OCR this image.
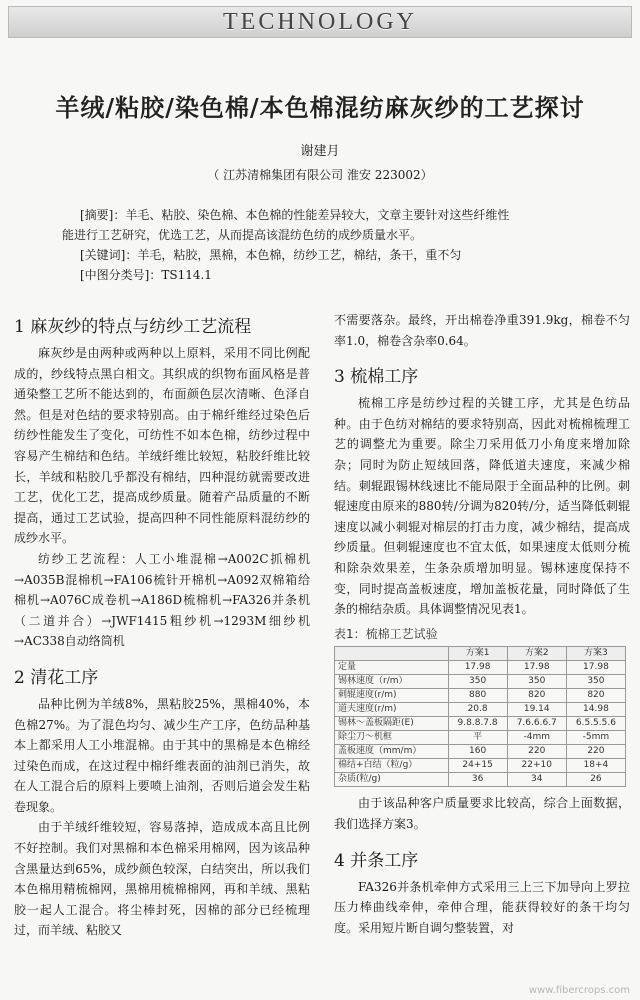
TECHNOLOGY
羊绒/粘胶/染色棉/本色棉混纺麻灰纱的工艺探讨
谢建月
（ 江苏清棉集团有限公司 淮安 223002）

[摘要]：羊毛、粘胶、染色棉、本色棉的性能差异较大，文章主要针对这些纤维性

能进行工艺研究，优选工艺，从而提高该混纺色纺的成纱质量水平。

[关键词]：羊毛，粘胶，黑棉，本色棉，纺纱工艺，棉结，条干，重不匀

[中图分类号]：TS114.1

1 麻灰纱的特点与纺纱工艺流程

麻灰纱是由两种或两种以上原料，采用不同比例配成的，纱线特点黑白相文。其织成的织物布面风格是普通染整工艺所不能达到的，布面颜色层次清晰、色泽自然。但是对色结的要求特别高。由于棉纤维经过染色后纺纱性能发生了变化，可纺性不如本色棉，纺纱过程中容易产生棉结和色结。羊绒纤维比较短，粘胶纤维比较长，羊绒和粘胶几乎都没有棉结，四种混纺就需要改进工艺，优化工艺，提高成纱质量。随着产品质量的不断提高，通过工艺试验，提高四种不同性能原料混纺纱的成纱水平。

纺纱工艺流程：人工小堆混棉→A002C抓棉机→A035B混棉机→FA106梳针开棉机→A092双棉箱给棉机→A076C成卷机→A186D梳棉机→FA326并条机（二道并合）→JWF1415粗纱机→1293M细纱机→AC338自动络筒机

2 清花工序

品种比例为羊绒8%，黑粘胶25%，黑棉40%，本色棉27%。为了混色均匀、减少生产工序，色纺品种基本上都采用人工小堆混棉。由于其中的黑棉是本色棉经过染色而成，在这过程中棉纤维表面的油剂已消失，故在人工混合后的原料上要喷上油剂，否则后道会发生粘卷现象。

由于羊绒纤维较短，容易落掉，造成成本高且比例不好控制。我们对黑棉和本色棉采用棉网，因为该品种含黑量达到65%，成纱颜色较深，白结突出，所以我们本色棉用精梳棉网，黑棉用梳棉棉网，再和羊绒、黑粘胶一起人工混合。将尘棒封死，因棉的部分已经梳理过，而羊绒、粘胶又

不需要落杂。最终，开出棉卷净重391.9kg，棉卷不匀率1.0，棉卷含杂率0.64。

3 梳棉工序

梳棉工序是纺纱过程的关键工序，尤其是色纺品种。由于色纺对棉结的要求特别高，因此对梳棉梳理工艺的调整尤为重要。除尘刀采用低刀小角度来增加除杂；同时为防止短绒回落，降低道夫速度，来减少棉结。刺辊跟锡林线速比不能局限于全面品种的比例。刺辊速度由原来的880转/分调为820转/分，适当降低刺辊速度以减小刺辊对棉层的打击力度，减少棉结，提高成纱质量。但刺辊速度也不宜太低，如果速度太低则分梳和除杂效果差，生条杂质增加明显。锡林速度保持不变，同时提高盖板速度，增加盖板花量，同时降低了生条的棉结杂质。具体调整情况见表1。

表1：梳棉工艺试验
	方案1	方案2	方案3
定量	17.98	17.98	17.98
锡林速度（r/m）	350	350	350
刺辊速度(r/m)	880	820	820
道夫速度(r/m)	20.8	19.14	14.98
锡林～盖板隔距(E)	9.8.8.7.8	7.6.6.6.7	6.5.5.5.6
除尘刀～机框	平	-4mm	-5mm
盖板速度（mm/m）	160	220	220
棉结+白结（粒/g）	24+15	22+10	18+4
杂质(粒/g)	36	34	26

由于该品种客户质量要求比较高，综合上面数据，我们选择方案3。

4 并条工序

FA326并条机牵伸方式采用三上三下加导向上罗拉压力棒曲线牵伸，牵伸合理，能获得较好的条干均匀度。采用短片断自调匀整装置，对

www.fibercrops.com
